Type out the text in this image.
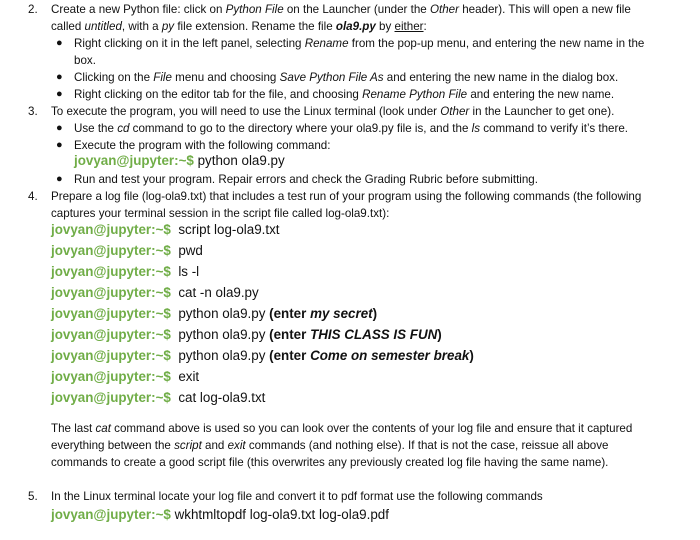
2. Create a new Python file: click on Python File on the Launcher (under the Other header). This will open a new file
called untitled, with a py file extension. Rename the file ola9.py by either:
● Right clicking on it in the left panel, selecting Rename from the pop-up menu, and entering the new name in the
box.
● Clicking on the File menu and choosing Save Python File As and entering the new name in the dialog box.
● Right clicking on the editor tab for the file, and choosing Rename Python File and entering the new name.
3. To execute the program, you will need to use the Linux terminal (look under Other in the Launcher to get one).
● Use the cd command to go to the directory where your ola9.py file is, and the ls command to verify it’s there.
● Execute the program with the following command:
jovyan@jupyter:~$ python ola9.py
● Run and test your program. Repair errors and check the Grading Rubric before submitting.
4. Prepare a log file (log-ola9.txt) that includes a test run of your program using the following commands (the following
captures your terminal session in the script file called log-ola9.txt):
jovyan@jupyter:~$ script log-ola9.txt
jovyan@jupyter:~$ pwd
jovyan@jupyter:~$ ls -l
jovyan@jupyter:~$ cat -n ola9.py
jovyan@jupyter:~$ python ola9.py (enter my secret)
jovyan@jupyter:~$ python ola9.py (enter THIS CLASS IS FUN)
jovyan@jupyter:~$ python ola9.py (enter Come on semester break)
jovyan@jupyter:~$ exit
jovyan@jupyter:~$ cat log-ola9.txt
The last cat command above is used so you can look over the contents of your log file and ensure that it captured
everything between the script and exit commands (and nothing else). If that is not the case, reissue all above
commands to create a good script file (this overwrites any previously created log file having the same name).
5. In the Linux terminal locate your log file and convert it to pdf format use the following commands
jovyan@jupyter:~$ wkhtmltopdf log-ola9.txt log-ola9.pdf
